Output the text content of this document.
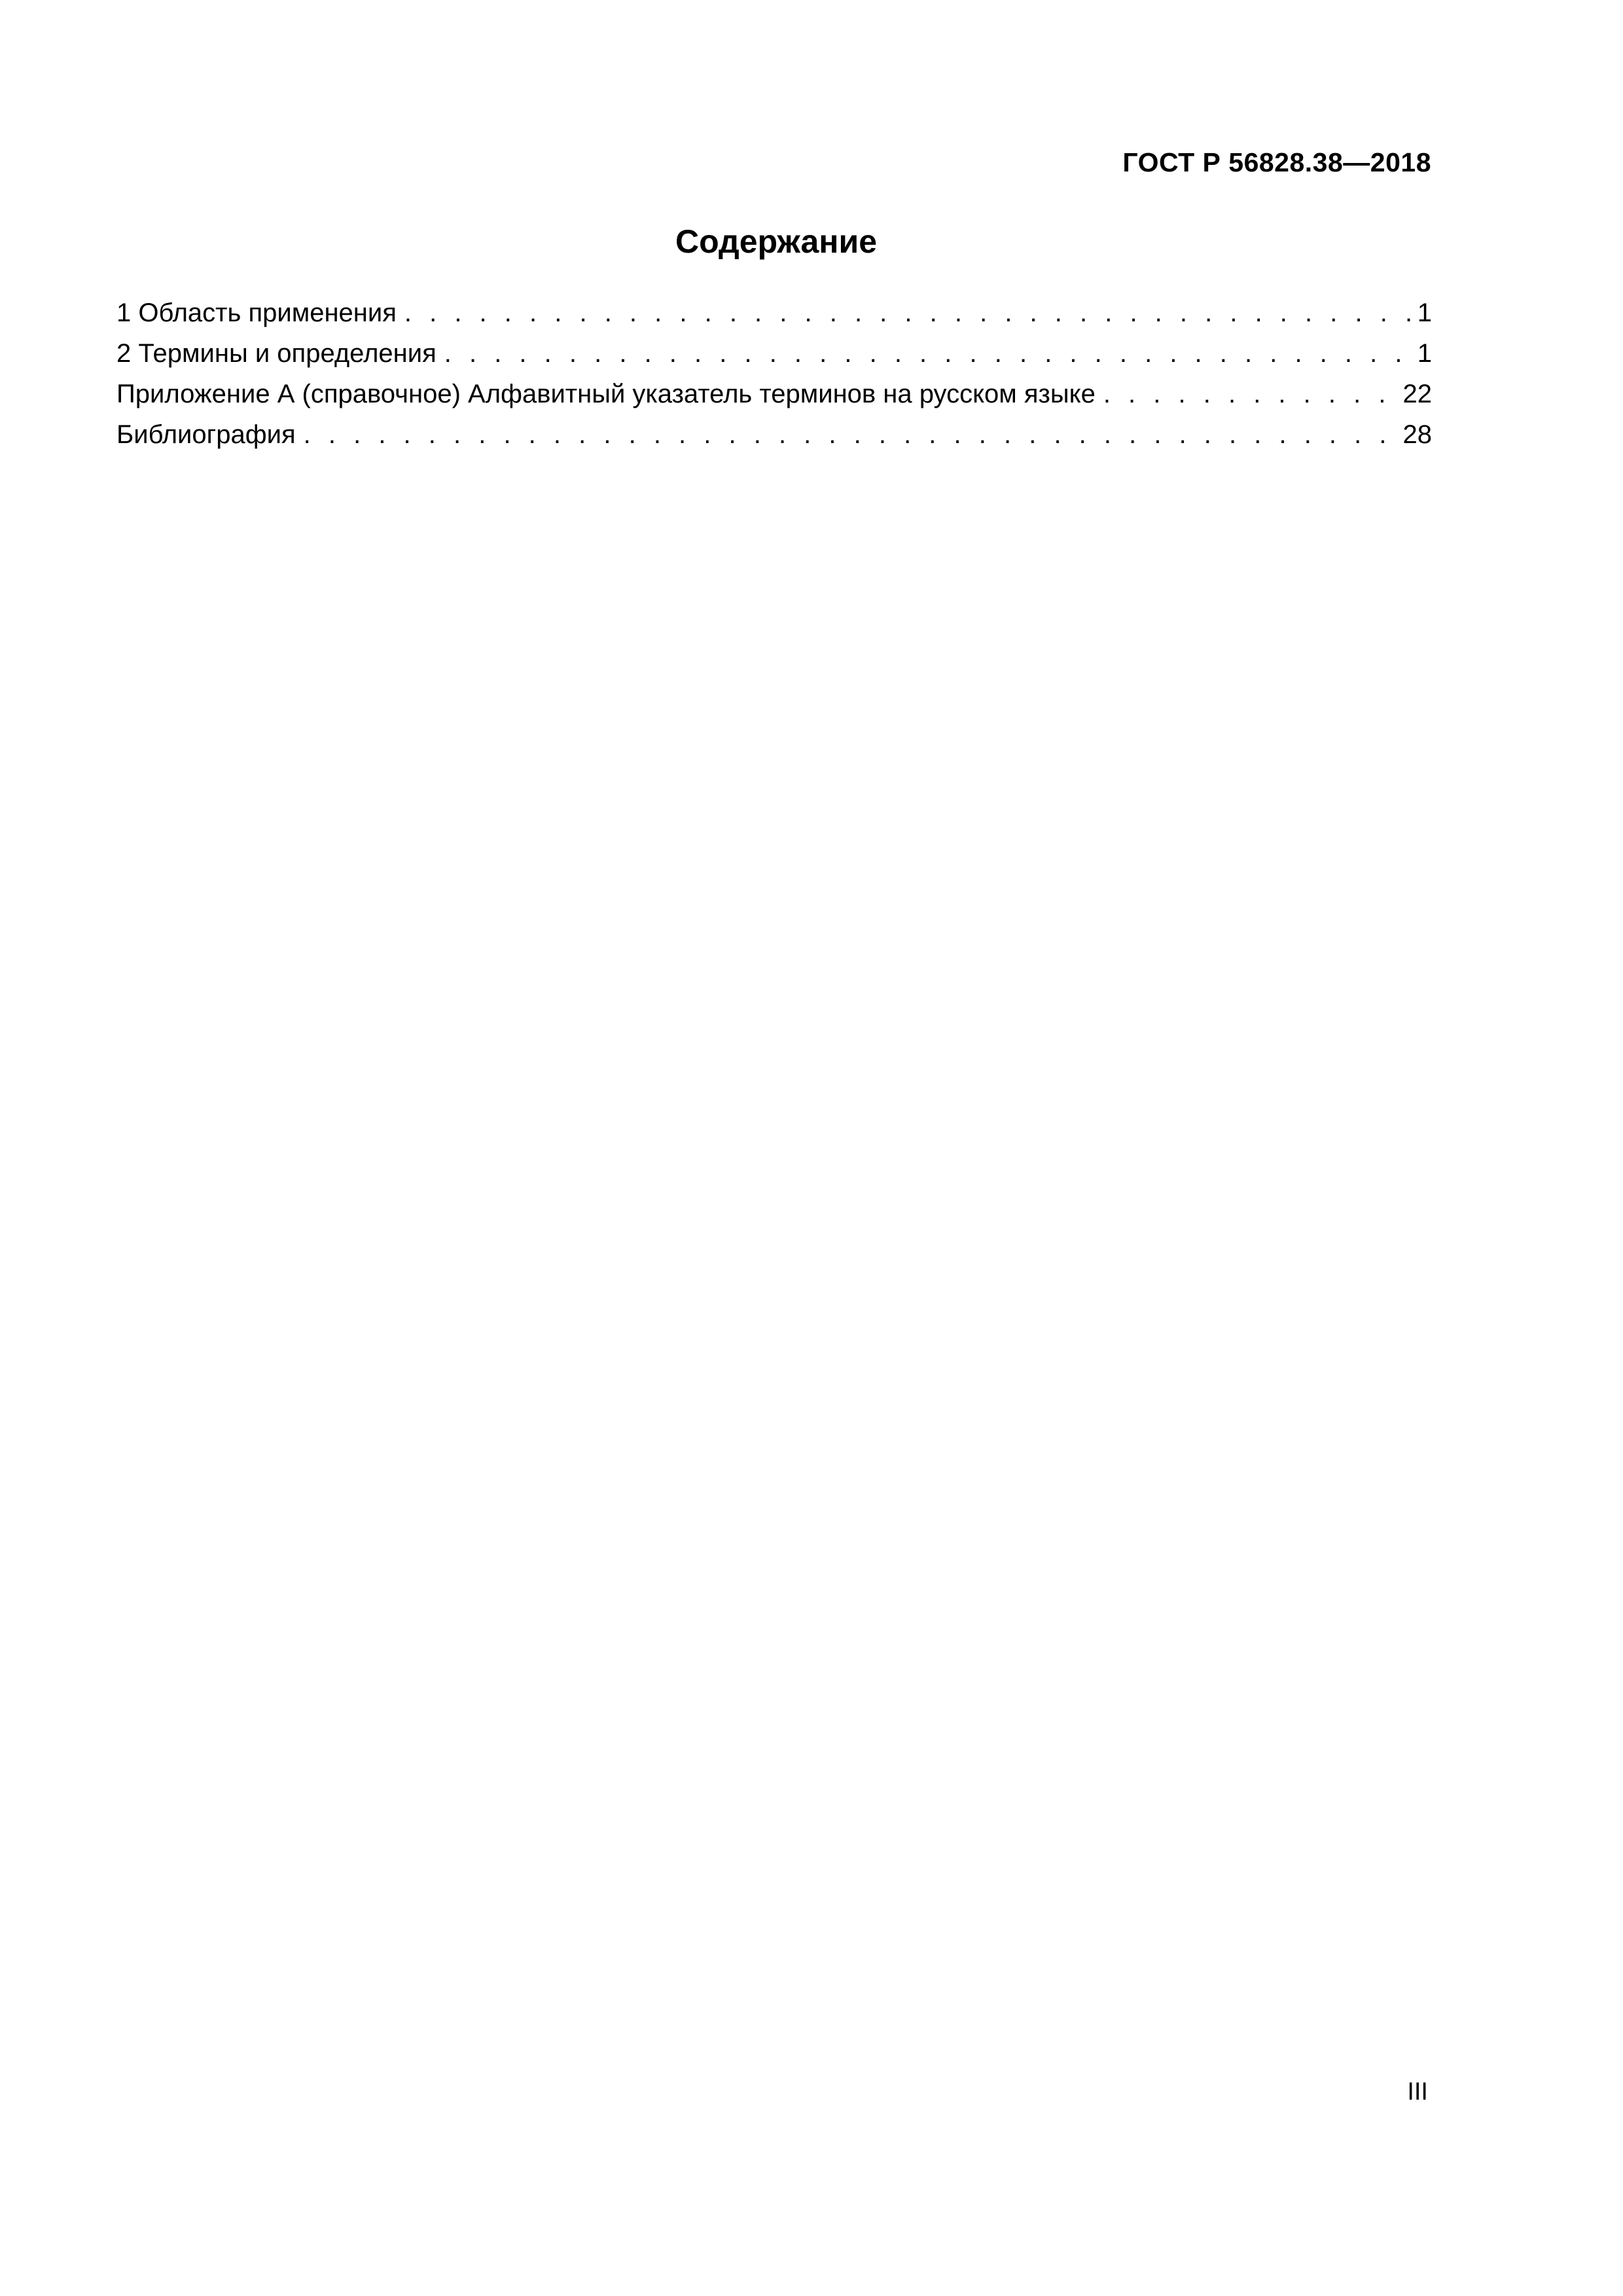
ГОСТ Р 56828.38—2018
Содержание
1 Область применения . . .	1
2 Термины и определения . . .	1
Приложение А (справочное) Алфавитный указатель терминов на русском языке . . .	22
Библиография . . .	28
III
